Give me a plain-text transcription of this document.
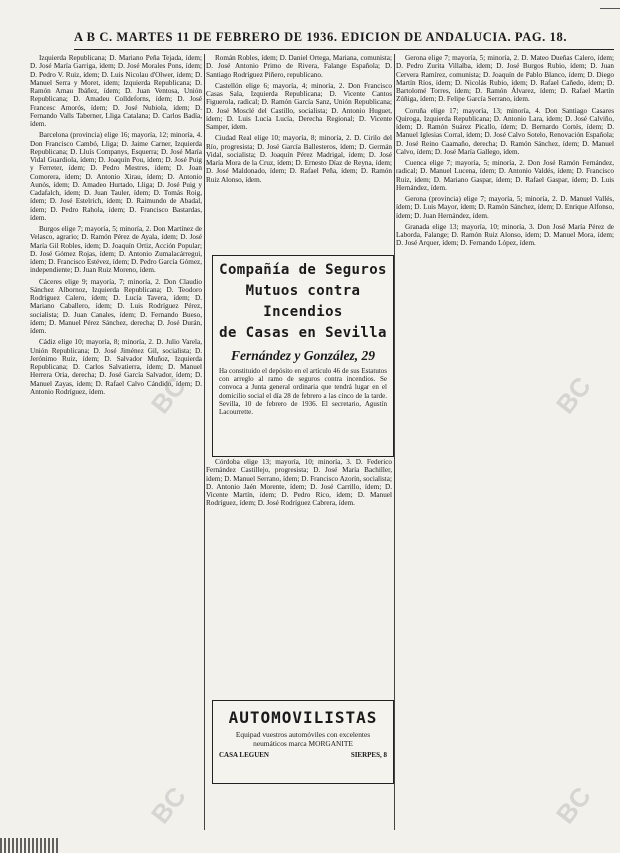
A B C. MARTES 11 DE FEBRERO DE 1936. EDICION DE ANDALUCIA. PAG. 18.

Izquierda Republicana; D. Mariano Peña Tejada, ídem; D. José María Garriga, ídem; D. José Morales Pons, ídem; D. Pedro V. Ruiz, ídem; D. Luis Nicolau d'Olwer, ídem; D. Manuel Serra y Moret, ídem; Izquierda Republicana; D. Ramón Arnau Ibáñez, ídem; D. Juan Ventosa, Unión Republicana; D. Amadeu Colldeforns, ídem; D. José Francesc Amorós, ídem; D. José Nubiola, ídem; D. Fernando Valls Taberner, Lliga Catalana; D. Carlos Badía, ídem.

Barcelona (provincia) elige 16; mayoría, 12; minoría, 4. Don Francisco Cambó, Lliga; D. Jaime Carner, Izquierda Republicana; D. Lluís Companys, Esquerra; D. José María Vidal Guardiola, ídem; D. Joaquín Pou, ídem; D. José Puig y Ferreter, ídem; D. Pedro Mestres, ídem; D. Joan Comorera, ídem; D. Antonio Xirau, ídem; D. Antonio Aunós, ídem; D. Amadeo Hurtado, Lliga; D. José Puig y Cadafalch, ídem; D. Juan Tauler, ídem; D. Tomás Roig, ídem; D. José Estelrich, ídem; D. Raimundo de Abadal, ídem; D. Pedro Rahola, ídem; D. Francisco Bastardas, ídem.

Burgos elige 7; mayoría, 5; minoría, 2. Don Martínez de Velasco, agrario; D. Ramón Pérez de Ayala, ídem; D. José María Gil Robles, ídem; D. Joaquín Ortiz, Acción Popular; D. José Gómez Rojas, ídem; D. Antonio Zumalacárregui, ídem; D. Francisco Estévez, ídem; D. Pedro García Gómez, independiente; D. Juan Ruiz Moreno, ídem.

Cáceres elige 9; mayoría, 7; minoría, 2. Don Claudio Sánchez Albornoz, Izquierda Republicana; D. Teodoro Rodríguez Calero, ídem; D. Lucía Tavera, ídem; D. Mariano Caballero, ídem; D. Luis Rodríguez Pérez, socialista; D. Juan Canales, ídem; D. Fernando Bueso, ídem; D. Manuel Pérez Sánchez, derecha; D. José Durán, ídem.

Cádiz elige 10; mayoría, 8; minoría, 2. D. Julio Varela, Unión Republicana; D. José Jiménez Gil, socialista; D. Jerónimo Ruiz, ídem; D. Salvador Muñoz, Izquierda Republicana; D. Carlos Salvatierra, ídem; D. Manuel Herrera Oria, derecha; D. José García Salvador, ídem; D. Manuel Zayas, ídem; D. Rafael Calvo Cándido, ídem; D. Antonio Rodríguez, ídem.

Román Robles, ídem; D. Daniel Ortega, Mariana, comunista; D. José Antonio Primo de Rivera, Falange Española; D. Santiago Rodríguez Piñero, republicano.

Castellón elige 6; mayoría, 4; minoría, 2. Don Francisco Casas Sala, Izquierda Republicana; D. Vicente Cantos Figuerola, radical; D. Ramón García Sanz, Unión Republicana; D. José Mosclé del Castillo, socialista; D. Antonio Huguet, ídem; D. Luis Lucía Lucía, Derecha Regional; D. Vicente Samper, ídem.

Ciudad Real elige 10; mayoría, 8; minoría, 2. D. Cirilo del Río, progresista; D. José García Ballesteros, ídem; D. Germán Vidal, socialista; D. Joaquín Pérez Madrigal, ídem; D. José María Mora de la Cruz, ídem; D. Ernesto Díaz de Reyna, ídem; D. José Maldonado, ídem; D. Rafael Peña, ídem; D. Ramón Ruiz Alonso, ídem.

Compañía de Seguros
Mutuos contra Incendios
de Casas en Sevilla
Fernández y González, 29
Ha constituido el depósito en el artículo 46 de sus Estatutos con arreglo al ramo de seguros contra incendios. Se convoca a Junta general ordinaria que tendrá lugar en el domicilio social el día 28 de febrero a las cinco de la tarde. Sevilla, 10 de febrero de 1936. El secretario, Agustín Lacourrette.

Córdoba elige 13; mayoría, 10; minoría, 3. D. Federico Fernández Castillejo, progresista; D. José María Bachiller, ídem; D. Manuel Serrano, ídem; D. Francisco Azorín, socialista; D. Antonio Jaén Morente, ídem; D. José Carrillo, ídem; D. Vicente Martín, ídem; D. Pedro Rico, ídem; D. Manuel Rodríguez, ídem; D. José Rodríguez Cabrera, ídem.

AUTOMOVILISTAS
Equipad vuestros automóviles con excelentes neumáticos marca MORGANITE
CASA LEGUEN	SIERPES, 8

Gerona elige 7; mayoría, 5; minoría, 2. D. Mateo Dueñas Calero, ídem; D. Pedro Zurita Villalba, ídem; D. José Burgos Rubio, ídem; D. Juan Cervera Ramírez, comunista; D. Joaquín de Pablo Blanco, ídem; D. Diego Martín Ríos, ídem; D. Nicolás Rubio, ídem; D. Rafael Cañedo, ídem; D. Bartolomé Torres, ídem; D. Ramón Álvarez, ídem; D. Rafael Martín Zúñiga, ídem; D. Felipe García Serrano, ídem.

Coruña elige 17; mayoría, 13; minoría, 4. Don Santiago Casares Quiroga, Izquierda Republicana; D. Antonio Lara, ídem; D. José Calviño, ídem; D. Ramón Suárez Picallo, ídem; D. Bernardo Cortés, ídem; D. Manuel Iglesias Corral, ídem; D. José Calvo Sotelo, Renovación Española; D. José Reino Caamaño, derecha; D. Ramón Sánchez, ídem; D. Manuel Calvo, ídem; D. José María Gallego, ídem.

Cuenca elige 7; mayoría, 5; minoría, 2. Don José Ramón Fernández, radical; D. Manuel Lucena, ídem; D. Antonio Valdés, ídem; D. Francisco Ruiz, ídem; D. Mariano Gaspar, ídem; D. Rafael Gaspar, ídem; D. Luis Hernández, ídem.

Gerona (provincia) elige 7; mayoría, 5; minoría, 2. D. Manuel Vallés, ídem; D. Luis Mayor, ídem; D. Ramón Sánchez, ídem; D. Enrique Alfonso, ídem; D. Juan Hernández, ídem.

Granada elige 13; mayoría, 10; minoría, 3. Don José María Pérez de Laborda, Falange; D. Ramón Ruiz Alonso, ídem; D. Manuel Mora, ídem; D. José Arquer, ídem; D. Fernando López, ídem.

BC
BC
BC
BC
